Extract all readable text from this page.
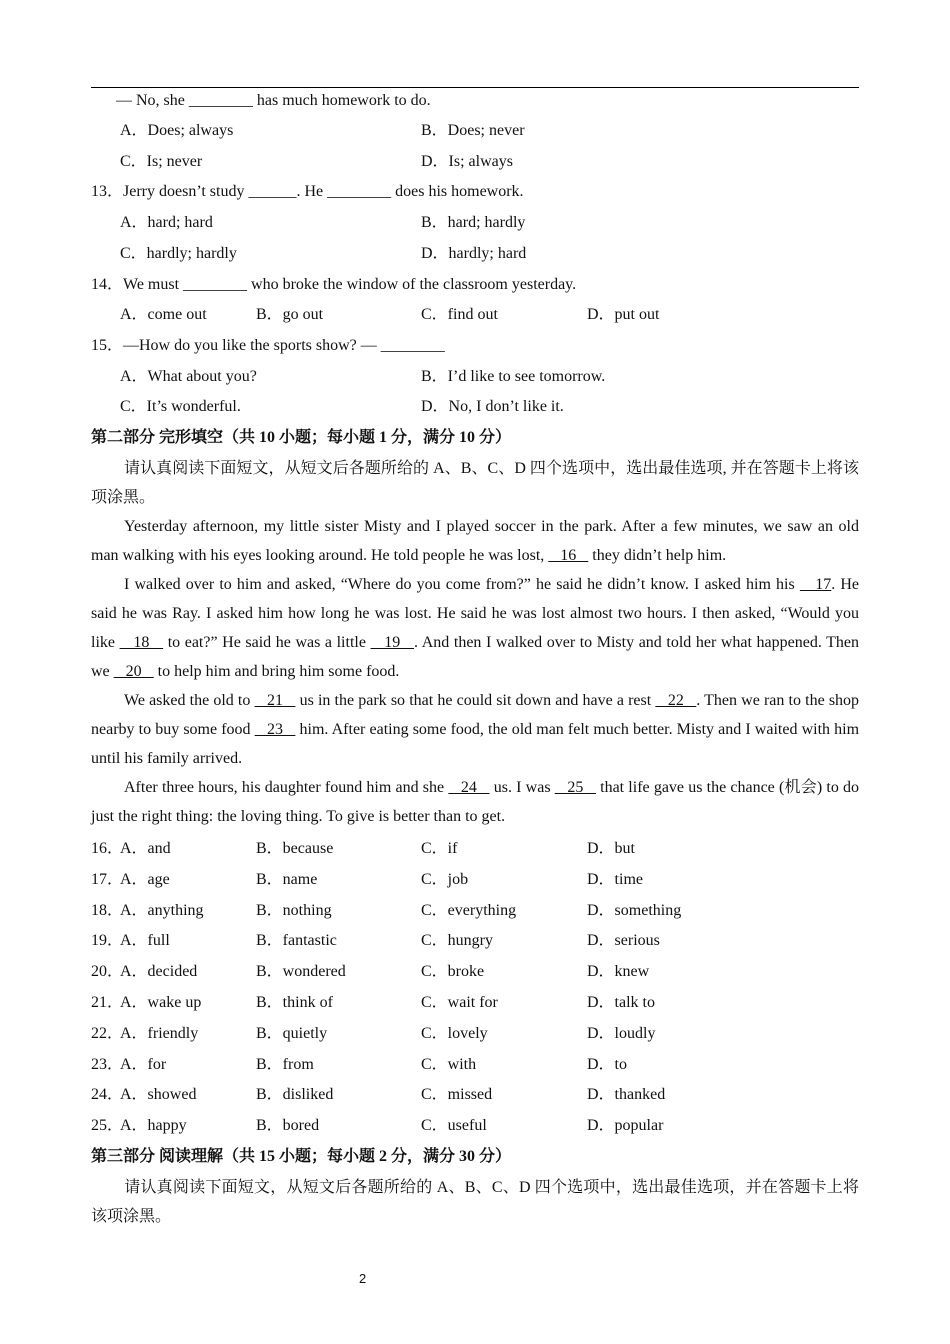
— No, she ________ has much homework to do.
A．Does; always	B．Does; never
C．Is; never	D．Is; always
13．Jerry doesn’t study ______. He ________ does his homework.
A．hard; hard	B．hard; hardly
C．hardly; hardly	D．hardly; hard
14．We must ________ who broke the window of the classroom yesterday.
A．come out	B．go out	C．find out	D．put out
15．—How do you like the sports show? — ________
A．What about you?	B．I’d like to see tomorrow.
C．It’s wonderful.	D．No, I don’t like it.
第二部分 完形填空（共 10 小题；每小题 1 分，满分 10 分）
请认真阅读下面短文，从短文后各题所给的 A、B、C、D 四个选项中，选出最佳选项, 并在答题卡上将该项涂黑。
Yesterday afternoon, my little sister Misty and I played soccer in the park. After a few minutes, we saw an old man walking with his eyes looking around. He told people he was lost,    16    they didn’t help him.
I walked over to him and asked, “Where do you come from?” he said he didn’t know. I asked him his    17. He said he was Ray. I asked him how long he was lost. He said he was lost almost two hours. I then asked, “Would you like    18    to eat?” He said he was a little    19   . And then I walked over to Misty and told her what happened. Then we    20    to help him and bring him some food.
We asked the old to    21    us in the park so that he could sit down and have a rest    22   . Then we ran to the shop nearby to buy some food    23    him. After eating some food, the old man felt much better. Misty and I waited with him until his family arrived.
After three hours, his daughter found him and she    24    us. I was    25    that life gave us the chance (机会) to do just the right thing: the loving thing. To give is better than to get.
16．
A．and	B．because	C．if	D．but
17．
A．age	B．name	C．job	D．time
18．
A．anything	B．nothing	C．everything	D．something
19．
A．full	B．fantastic	C．hungry	D．serious
20．
A．decided	B．wondered	C．broke	D．knew
21．
A．wake up	B．think of	C．wait for	D．talk to
22．
A．friendly	B．quietly	C．lovely	D．loudly
23．
A．for	B．from	C．with	D．to
24．
A．showed	B．disliked	C．missed	D．thanked
25．
A．happy	B．bored	C．useful	D．popular
第三部分 阅读理解（共 15 小题；每小题 2 分，满分 30 分）
请认真阅读下面短文，从短文后各题所给的 A、B、C、D 四个选项中，选出最佳选项，并在答题卡上将该项涂黑。
2
